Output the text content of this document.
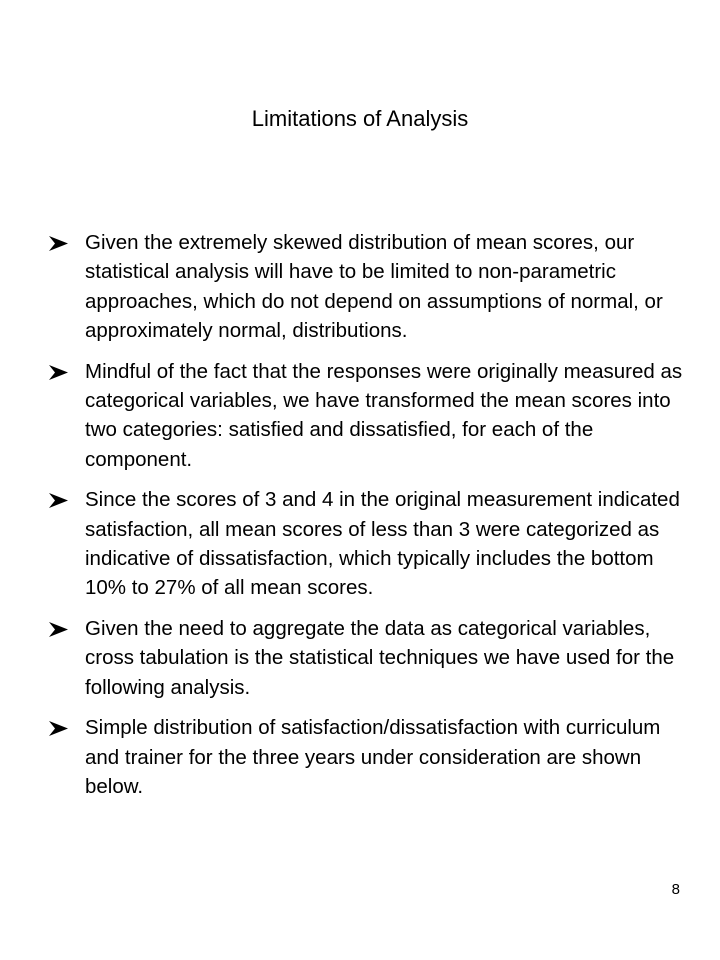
Limitations of Analysis
Given the extremely skewed distribution of mean scores, our statistical analysis will have to be limited to non-parametric approaches, which do not depend on assumptions of normal, or approximately normal, distributions.
Mindful of the fact that the responses were originally measured as categorical variables, we have transformed the mean scores into two categories: satisfied and dissatisfied, for each of the component.
Since the scores of 3 and 4 in the original measurement indicated satisfaction, all mean scores of less than 3 were categorized as indicative of dissatisfaction, which typically includes the bottom 10% to 27% of all mean scores.
Given the need to aggregate the data as categorical variables, cross tabulation is the statistical techniques we have used for the following analysis.
Simple distribution of satisfaction/dissatisfaction with curriculum and trainer for the three years under consideration are shown below.
8
